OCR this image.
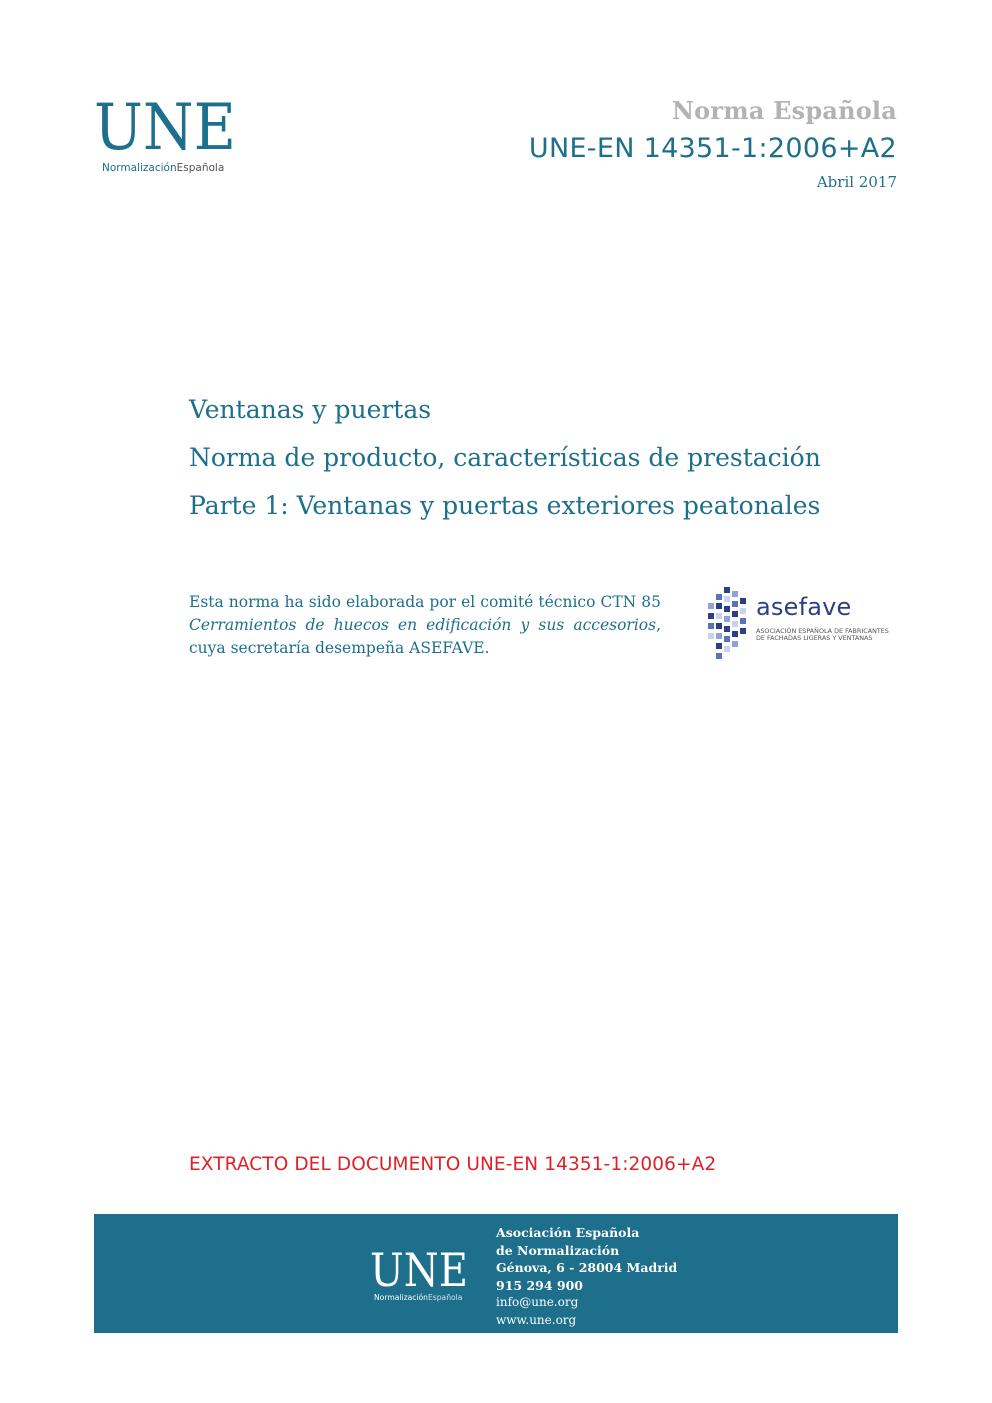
UNE
NormalizaciónEspañola
Norma Española
UNE-EN 14351-1:2006+A2
Abril 2017
Ventanas y puertas
Norma de producto, características de prestación
Parte 1: Ventanas y puertas exteriores peatonales
Esta norma ha sido elaborada por el comité técnico CTN 85 Cerramientos de huecos en edificación y sus accesorios, cuya secretaría desempeña ASEFAVE.
asefave
ASOCIACIÓN ESPAÑOLA DE FABRICANTES
DE FACHADAS LIGERAS Y VENTANAS
EXTRACTO DEL DOCUMENTO UNE-EN 14351-1:2006+A2
UNE
NormalizaciónEspañola
Asociación Española
de Normalización
Génova, 6 - 28004 Madrid
915 294 900
info@une.org
www.une.org
